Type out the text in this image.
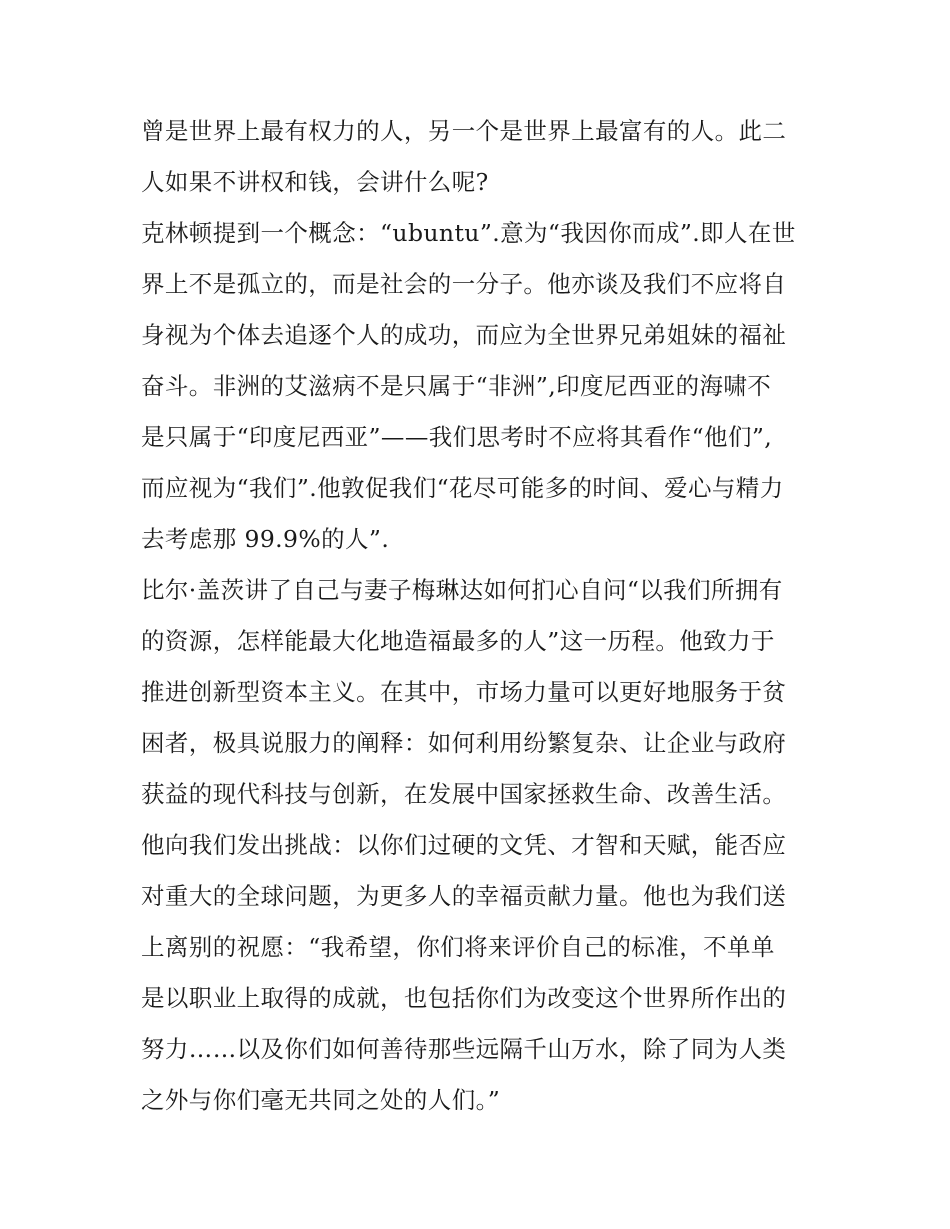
曾是世界上最有权力的人，另一个是世界上最富有的人。此二
人如果不讲权和钱，会讲什么呢?
克林顿提到一个概念：“ubuntu”.意为“我因你而成”.即人在世
界上不是孤立的，而是社会的一分子。他亦谈及我们不应将自
身视为个体去追逐个人的成功，而应为全世界兄弟姐妹的福祉
奋斗。非洲的艾滋病不是只属于“非洲”,印度尼西亚的海啸不
是只属于“印度尼西亚”——我们思考时不应将其看作“他们”,
而应视为“我们”.他敦促我们“花尽可能多的时间、爱心与精力
去考虑那 99.9%的人”.
比尔·盖茨讲了自己与妻子梅琳达如何扪心自问“以我们所拥有
的资源，怎样能最大化地造福最多的人”这一历程。他致力于
推进创新型资本主义。在其中，市场力量可以更好地服务于贫
困者，极具说服力的阐释：如何利用纷繁复杂、让企业与政府
获益的现代科技与创新，在发展中国家拯救生命、改善生活。
他向我们发出挑战：以你们过硬的文凭、才智和天赋，能否应
对重大的全球问题，为更多人的幸福贡献力量。他也为我们送
上离别的祝愿：“我希望，你们将来评价自己的标准，不单单
是以职业上取得的成就，也包括你们为改变这个世界所作出的
努力……以及你们如何善待那些远隔千山万水，除了同为人类
之外与你们毫无共同之处的人们。”
